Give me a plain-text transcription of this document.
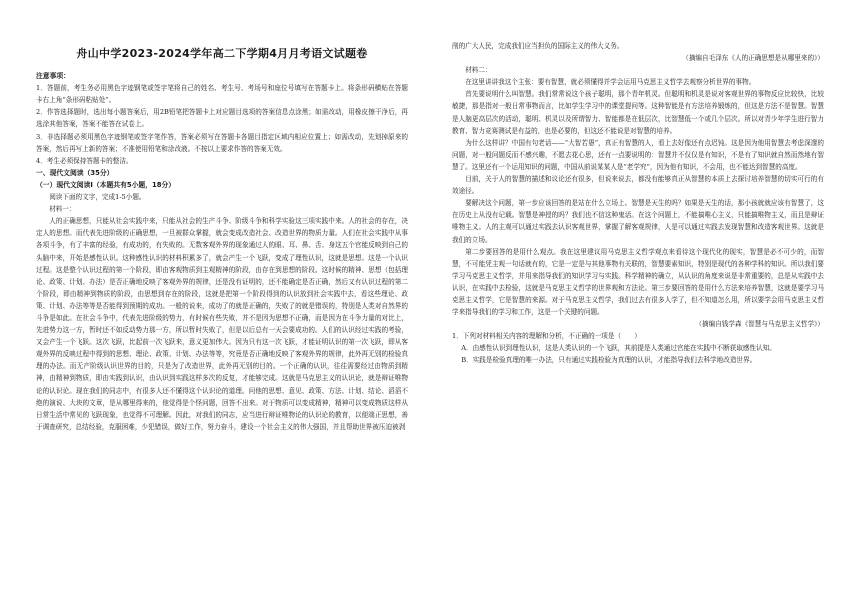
舟山中学2023-2024学年高二下学期4月月考语文试题卷

注意事项：

1．答题前，考生务必用黑色字迹钢笔或签字笔将自己的姓名、考生号、考场号和座位号填写在答题卡上。将条形码横贴在答题卡右上角“条形码粘贴处”。

2．作答选择题时，选出每小题答案后，用2B铅笔把答题卡上对应题目选项的答案信息点涂黑；如需改动，用橡皮擦干净后，再选涂其他答案，答案不能答在试卷上。

3．非选择题必须用黑色字迹钢笔或签字笔作答，答案必须写在答题卡各题目指定区域内相应位置上；如需改动，先划掉原来的答案，然后再写上新的答案；不准使用铅笔和涂改液。不按以上要求作答的答案无效。

4．考生必须保持答题卡的整洁。

一、现代文阅读（35分）

（一）现代文阅读Ⅰ（本题共有5小题，18分）

阅读下面的文字，完成1-5小题。

材料一：

人的正确思想，只能从社会实践中来，只能从社会的生产斗争、阶级斗争和科学实验这三项实践中来。人的社会的存在，决定人的思想。而代表先进阶级的正确思想，一旦被群众掌握，就会变成改造社会、改造世界的物质力量。人们在社会实践中从事各项斗争，有了丰富的经验，有成功的，有失败的。无数客观外界的现象通过人的眼、耳、鼻、舌、身这五个官能反映到自己的头脑中来，开始是感性认识。这种感性认识的材料积累多了，就会产生一个飞跃，变成了理性认识，这就是思想。这是一个认识过程。这是整个认识过程的第一个阶段，即由客观物质到主观精神的阶段，由存在到思想的阶段。这时候的精神、思想（包括理论、政策、计划、办法）是否正确地反映了客观外界的规律，还是没有证明的，还不能确定是否正确，然后又有认识过程的第二个阶段，即由精神到物质的阶段，由思想到存在的阶段，这就是把第一个阶段得到的认识放到社会实践中去，看这些理论、政策、计划、办法等等是否能得到预期的成功。一般的说来，成功了的就是正确的，失败了的就是错误的，特别是人类对自然界的斗争是如此。在社会斗争中，代表先进阶级的势力，有时候有些失败，并不是因为思想不正确，而是因为在斗争力量的对比上，先进势力这一方，暂时还不如反动势力那一方，所以暂时失败了，但是以后总有一天会要成功的。人们的认识经过实践的考验，又会产生一个飞跃。这次飞跃，比起前一次飞跃来，意义更加伟大。因为只有这一次飞跃，才能证明认识的第一次飞跃，即从客观外界的反映过程中得到的思想、理论、政策、计划、办法等等，究竟是否正确地反映了客观外界的规律，此外再无别的检验真理的办法。而无产阶级认识世界的目的，只是为了改造世界，此外再无别的目的。一个正确的认识，往往需要经过由物质到精神，由精神到物质，即由实践到认识，由认识到实践这样多次的反复，才能够完成。这就是马克思主义的认识论，就是辩证唯物论的认识论。现在我们的同志中，有很多人还不懂得这个认识论的道理。问他的思想、意见、政策、方法、计划、结论、滔滔不绝的演说、大块的文章，是从哪里得来的，他觉得是个怪问题，回答不出来。对于物质可以变成精神，精神可以变成物质这样从日常生活中常见的飞跃现象，也觉得不可理解。因此，对我们的同志，应当进行辩证唯物论的认识论的教育，以便端正思想，善于调查研究，总结经验，克服困难，少犯错误，做好工作，努力奋斗，建设一个社会主义的伟大强国，并且帮助世界被压迫被剥

削的广大人民，完成我们应当担负的国际主义的伟大义务。

（摘编自毛泽东《人的正确思想是从哪里来的》）

材料二：

在这里讲讲我这个主张：要有智慧，就必须懂得并学会运用马克思主义哲学去观察分析世界的事物。

首先要说明什么叫智慧。我们常常说这个孩子聪明，那个青年机灵。但聪明和机灵是说对客观世界的事物反应比较快，比较敏捷，那是指对一般日常事物而言，比如学生学习中的课堂提问等。这种智能是有方法培养锻炼的，但这是方法不是智慧。智慧是人脑更高层次的活动，聪明、机灵以及所谓智力、智能都是在低层次，比智慧低一个或几个层次。所以对青少年学生进行智力教育、智力竞赛测试是有益的，也是必要的，但这还不能说是对智慧的培养。

为什么这样讲？中国有句老话——“大智若愚”，真正有智慧的人，看上去好像还有点迟钝。这是因为他用智慧去考虑深邃的问题，对一般问题反而不感兴趣，不愿去花心思，还有一点要说明的：智慧并不仅仅是有知识，不是有了知识就自然而然地有智慧了。这里还有一个运用知识的问题，中国从前说某某人是“老学究”，因为他有知识，不会用，也不能达到智慧的高度。

目前，关于人的智慧的描述和议论还有很多，但说来说去，都没有能够真正从智慧的本质上去探讨培养智慧的切实可行的有效途径。

要解决这个问题，第一步应该回答的是站在什么立场上。智慧是天生的吗？如果是天生的话，那小孩就就应该有智慧了，这在历史上从没有记载。智慧是神授的吗？我们也不信这种鬼话。在这个问题上，不能搞唯心主义，只能搞唯物主义，而且是辩证唯物主义。人的主观可以通过实践去认识客观世界，掌握了解客观规律，人是可以通过实践去发现智慧和改造客观世界。这就是我们的立场。

第二步要回答的是用什么观点。我在这里建议用马克思主义哲学观点来看待这个现代化的现实，智慧是必不可少的，而智慧，不可能凭主观一句话就有的，它是一定是与其他事物有关联的，智慧要素知识，特别是现代的各种学科的知识。所以我们要学习马克思主义哲学，并用来指导我们的知识学习与实践。科学精神的确立，从认识的角度来说是非常重要的，总是从实践中去认识，在实践中去检验，这就是马克思主义哲学的世界观和方法论。第三步要回答的是用什么方法来培养智慧，这就是要学习马克思主义哲学，它是智慧的来源。对于马克思主义哲学，我们过去有很多人学了，但不知道怎么用，所以要学会用马克思主义哲学来指导我们的学习和工作，这是一个关键的问题。

（摘编自钱学森《智慧与马克思主义哲学》）

1．下列对材料相关内容的理解和分析，不正确的一项是（　　）

A．由感性认识到理性认识，这是人类认识的一个飞跃，其前提是人类通过官能在实践中不断获取感性认知。

B．实践是检验真理的唯一办法，只有通过实践检验为真理的认识，才能指导我们去科学地改造世界。
